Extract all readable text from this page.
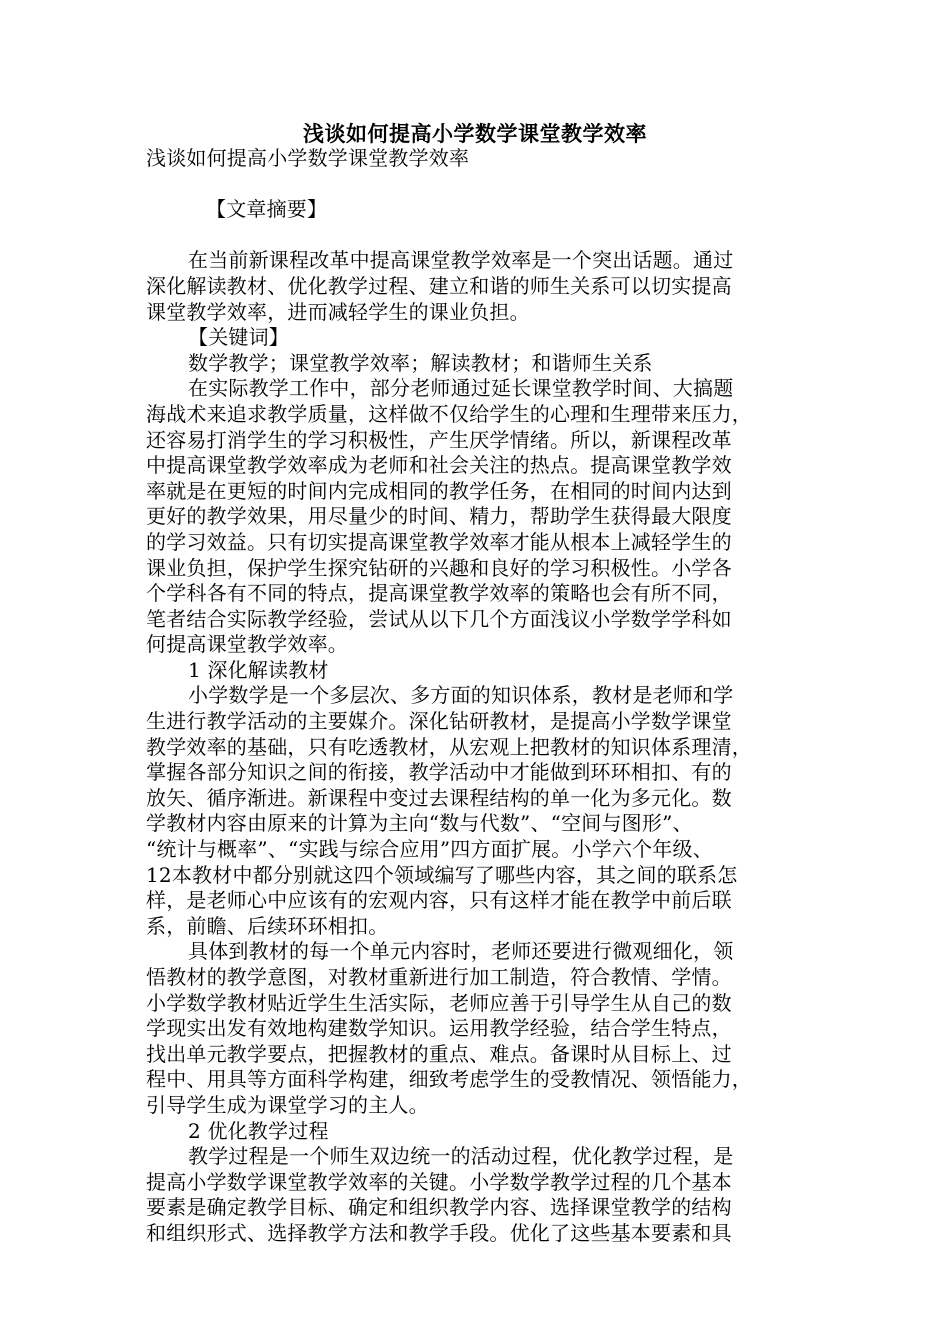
浅谈如何提高小学数学课堂教学效率
浅谈如何提高小学数学课堂教学效率
【文章摘要】
在当前新课程改革中提高课堂教学效率是一个突出话题。通过
深化解读教材、优化教学过程、建立和谐的师生关系可以切实提高
课堂教学效率，进而减轻学生的课业负担。
【关键词】
数学教学；课堂教学效率；解读教材；和谐师生关系
在实际教学工作中，部分老师通过延长课堂教学时间、大搞题
海战术来追求教学质量，这样做不仅给学生的心理和生理带来压力，
还容易打消学生的学习积极性，产生厌学情绪。所以，新课程改革
中提高课堂教学效率成为老师和社会关注的热点。提高课堂教学效
率就是在更短的时间内完成相同的教学任务，在相同的时间内达到
更好的教学效果，用尽量少的时间、精力，帮助学生获得最大限度
的学习效益。只有切实提高课堂教学效率才能从根本上减轻学生的
课业负担，保护学生探究钻研的兴趣和良好的学习积极性。小学各
个学科各有不同的特点，提高课堂教学效率的策略也会有所不同，
笔者结合实际教学经验，尝试从以下几个方面浅议小学数学学科如
何提高课堂教学效率。
1 深化解读教材
小学数学是一个多层次、多方面的知识体系，教材是老师和学
生进行教学活动的主要媒介。深化钻研教材，是提高小学数学课堂
教学效率的基础，只有吃透教材，从宏观上把教材的知识体系理清，
掌握各部分知识之间的衔接，教学活动中才能做到环环相扣、有的
放矢、循序渐进。新课程中变过去课程结构的单一化为多元化。数
学教材内容由原来的计算为主向“数与代数”、“空间与图形”、
“统计与概率”、“实践与综合应用”四方面扩展。小学六个年级、
12本教材中都分别就这四个领域编写了哪些内容，其之间的联系怎
样，是老师心中应该有的宏观内容，只有这样才能在教学中前后联
系，前瞻、后续环环相扣。
具体到教材的每一个单元内容时，老师还要进行微观细化，领
悟教材的教学意图，对教材重新进行加工制造，符合教情、学情。
小学数学教材贴近学生生活实际，老师应善于引导学生从自己的数
学现实出发有效地构建数学知识。运用教学经验，结合学生特点，
找出单元教学要点，把握教材的重点、难点。备课时从目标上、过
程中、用具等方面科学构建，细致考虑学生的受教情况、领悟能力，
引导学生成为课堂学习的主人。
2 优化教学过程
教学过程是一个师生双边统一的活动过程，优化教学过程，是
提高小学数学课堂教学效率的关键。小学数学教学过程的几个基本
要素是确定教学目标、确定和组织教学内容、选择课堂教学的结构
和组织形式、选择教学方法和教学手段。优化了这些基本要素和具
